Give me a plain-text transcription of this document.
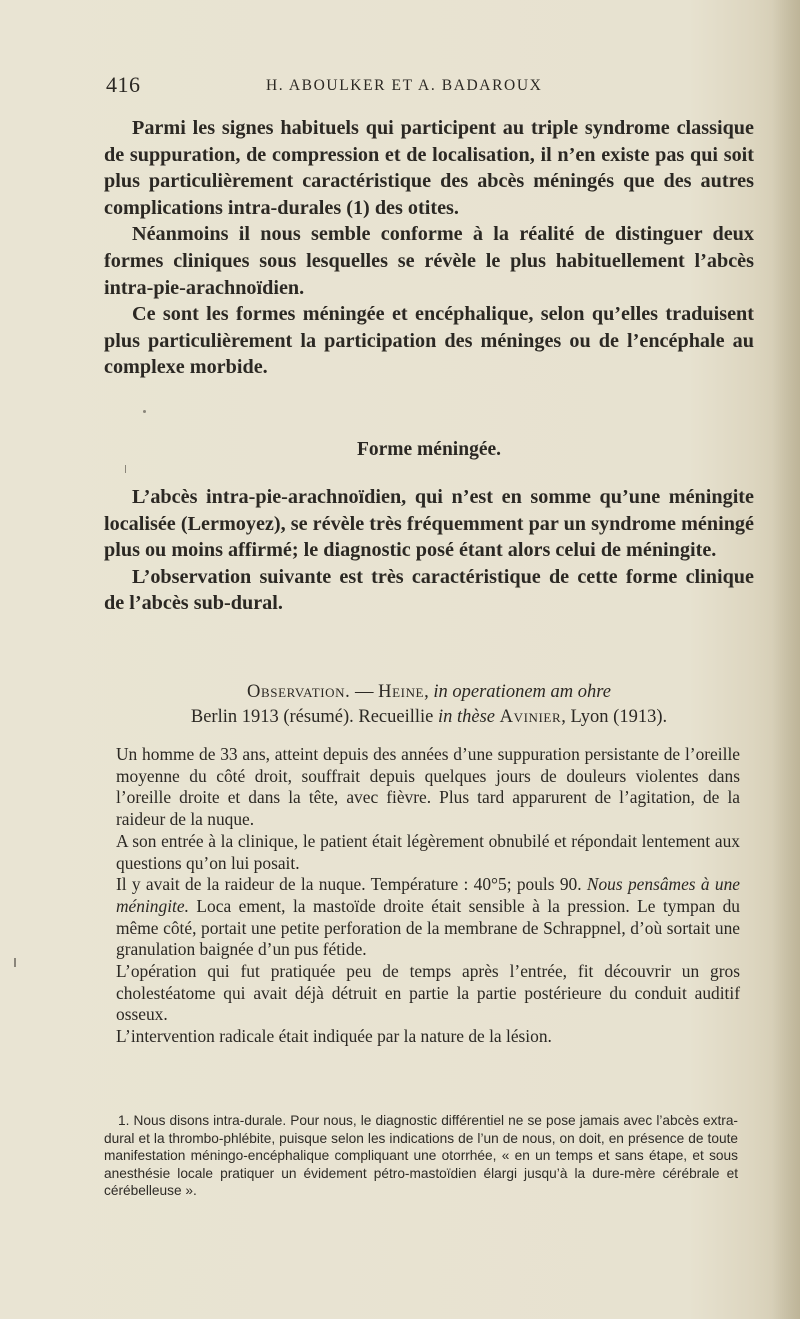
416	H. ABOULKER ET A. BADAROUX

Parmi les signes habituels qui participent au triple syndrome classique de suppuration, de compression et de localisation, il n’en existe pas qui soit plus particulièrement caractéristique des abcès méningés que des autres complications intra-durales (1) des otites.

Néanmoins il nous semble conforme à la réalité de distinguer deux formes cliniques sous lesquelles se révèle le plus habituellement l’abcès intra-pie-arachnoïdien.

Ce sont les formes méningée et encéphalique, selon qu’elles traduisent plus particulièrement la participation des méninges ou de l’encéphale au complexe morbide.

Forme méningée.

L’abcès intra-pie-arachnoïdien, qui n’est en somme qu’une méningite localisée (Lermoyez), se révèle très fréquemment par un syndrome méningé plus ou moins affirmé; le diagnostic posé étant alors celui de méningite.

L’observation suivante est très caractéristique de cette forme clinique de l’abcès sub-dural.

Observation. — Heine, in operationem am ohre
Berlin 1913 (résumé). Recueillie in thèse Avinier, Lyon (1913).

Un homme de 33 ans, atteint depuis des années d’une suppuration persistante de l’oreille moyenne du côté droit, souffrait depuis quelques jours de douleurs violentes dans l’oreille droite et dans la tête, avec fièvre. Plus tard apparurent de l’agitation, de la raideur de la nuque.

A son entrée à la clinique, le patient était légèrement obnubilé et répondait lentement aux questions qu’on lui posait.

Il y avait de la raideur de la nuque. Température : 40°5; pouls 90. Nous pensâmes à une méningite. Loca ement, la mastoïde droite était sensible à la pression. Le tympan du même côté, portait une petite perforation de la membrane de Schrappnel, d’où sortait une granulation baignée d’un pus fétide.

L’opération qui fut pratiquée peu de temps après l’entrée, fit découvrir un gros cholestéatome qui avait déjà détruit en partie la partie postérieure du conduit auditif osseux.

L’intervention radicale était indiquée par la nature de la lésion.

1. Nous disons intra-durale. Pour nous, le diagnostic différentiel ne se pose jamais avec l’abcès extra-dural et la thrombo-phlébite, puisque selon les indications de l’un de nous, on doit, en présence de toute manifestation méningo-encéphalique compliquant une otorrhée, « en un temps et sans étape, et sous anesthésie locale pratiquer un évidement pétro-mastoïdien élargi jusqu’à la dure-mère cérébrale et cérébelleuse ».
